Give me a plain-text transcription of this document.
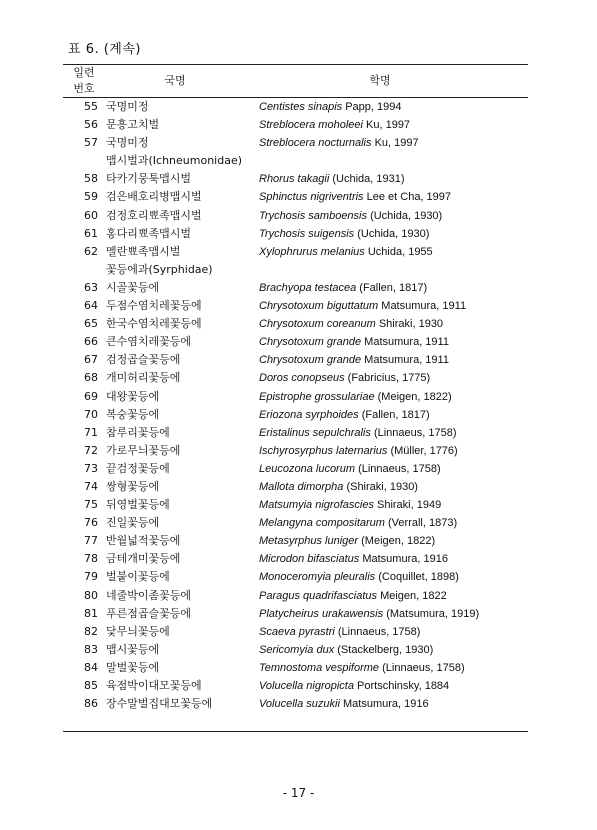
표 6. (계속)
일련
번호
국명	학명
55 국명미정	Centistes sinapis Papp, 1994
56 문흥고치벌	Streblocera moholeei Ku, 1997
57 국명미정	Streblocera nocturnalis Ku, 1997
맵시벌과(Ichneumonidae)
58 타카기뭉툭맵시벌	Rhorus takagii (Uchida, 1931)
59 검은배호리병맵시벌	Sphinctus nigriventris Lee et Cha, 1997
60 검정호리뾰족맵시벌	Trychosis samboensis (Uchida, 1930)
61 홍다리뾰족맵시벌	Trychosis suigensis (Uchida, 1930)
62 멜란뾰족맵시벌	Xylophrurus melanius Uchida, 1955
꽃등에과(Syrphidae)
63 시골꽃등에	Brachyopa testacea (Fallen, 1817)
64 두점수염치레꽃등에	Chrysotoxum biguttatum Matsumura, 1911
65 한국수염치레꽃등에	Chrysotoxum coreanum Shiraki, 1930
66 큰수염치레꽃등에	Chrysotoxum grande Matsumura, 1911
67 검정곱슬꽃등에	Chrysotoxum grande Matsumura, 1911
68 개미허리꽃등에	Doros conopseus (Fabricius, 1775)
69 대왕꽃등에	Epistrophe grossulariae (Meigen, 1822)
70 복숭꽃등에	Eriozona syrphoides (Fallen, 1817)
71 참루리꽃등에	Eristalinus sepulchralis (Linnaeus, 1758)
72 가로무늬꽃등에	Ischyrosyrphus laternarius (Müller, 1776)
73 끝검정꽃등에	Leucozona lucorum (Linnaeus, 1758)
74 쌍형꽃등에	Mallota dimorpha (Shiraki, 1930)
75 뒤영벌꽃등에	Matsumyia nigrofascies Shiraki, 1949
76 진일꽃등에	Melangyna compositarum (Verrall, 1873)
77 반월넓적꽃등에	Metasyrphus luniger (Meigen, 1822)
78 금테개미꽃등에	Microdon bifasciatus Matsumura, 1916
79 벌붙이꽃등에	Monoceromyia pleuralis (Coquillet, 1898)
80 네줄박이좀꽃등에	Paragus quadrifasciatus Meigen, 1822
81 푸른점곱슬꽃등에	Platycheirus urakawensis (Matsumura, 1919)
82 닻무늬꽃등에	Scaeva pyrastri (Linnaeus, 1758)
83 맵시꽃등에	Sericomyia dux (Stackelberg, 1930)
84 말벌꽃등에	Temnostoma vespiforme (Linnaeus, 1758)
85 육점박이대모꽃등에	Volucella nigropicta Portschinsky, 1884
86 장수말벌집대모꽃등에	Volucella suzukii Matsumura, 1916
- 17 -
